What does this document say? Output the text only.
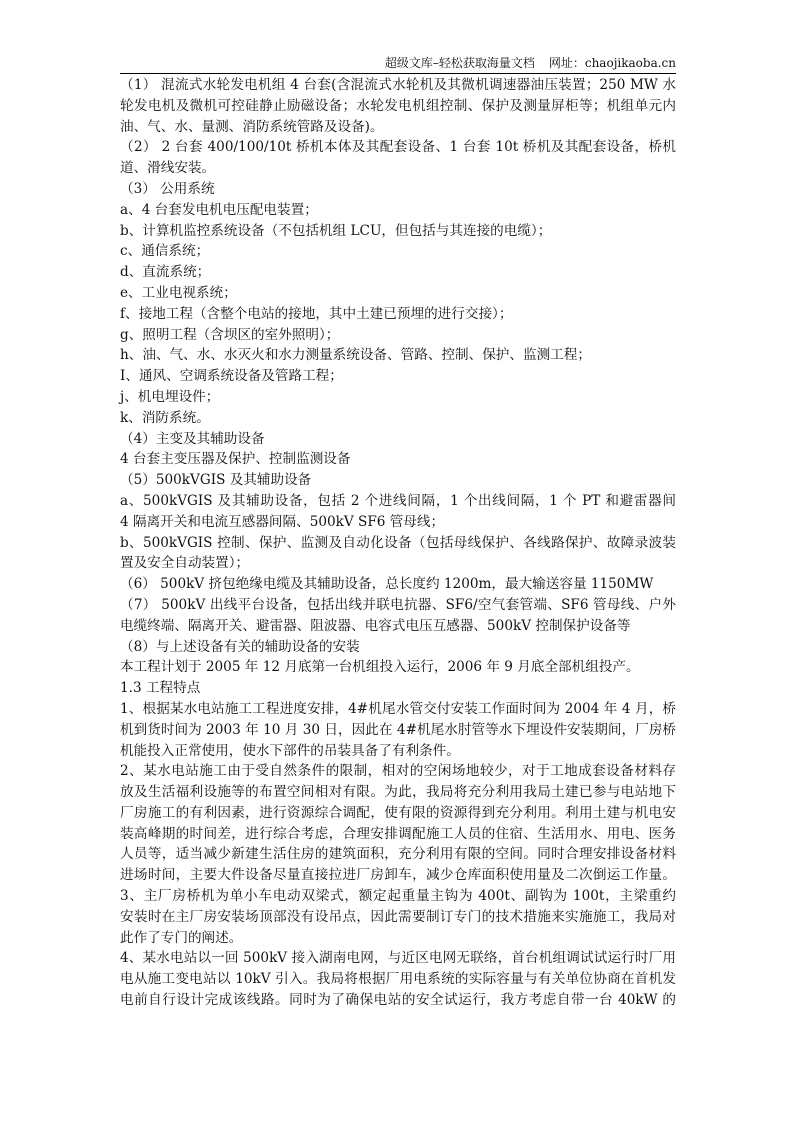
超级文库–轻松获取海量文档 网址：chaojikaoba.cn
（1） 混流式水轮发电机组 4 台套(含混流式水轮机及其微机调速器油压装置；250 MW 水
轮发电机及微机可控硅静止励磁设备；水轮发电机组控制、保护及测量屏柜等；机组单元内
油、气、水、量测、消防系统管路及设备)。
（2） 2 台套 400/100/10t 桥机本体及其配套设备、1 台套 10t 桥机及其配套设备，桥机
道、滑线安装。
（3） 公用系统
a、4 台套发电机电压配电装置；
b、计算机监控系统设备（不包括机组 LCU，但包括与其连接的电缆）；
c、通信系统；
d、直流系统；
e、工业电视系统；
f、接地工程（含整个电站的接地，其中土建已预埋的进行交接）；
g、照明工程（含坝区的室外照明）；
h、油、气、水、水灭火和水力测量系统设备、管路、控制、保护、监测工程；
I、通风、空调系统设备及管路工程；
j、机电埋设件；
k、消防系统。
（4）主变及其辅助设备
4 台套主变压器及保护、控制监测设备
（5）500kVGIS 及其辅助设备
a、500kVGIS 及其辅助设备，包括 2 个进线间隔，1 个出线间隔，1 个 PT 和避雷器间
4 隔离开关和电流互感器间隔、500kV SF6 管母线；
b、500kVGIS 控制、保护、监测及自动化设备（包括母线保护、各线路保护、故障录波装
置及安全自动装置）；
（6） 500kV 挤包绝缘电缆及其辅助设备，总长度约 1200m，最大输送容量 1150MW
（7） 500kV 出线平台设备，包括出线并联电抗器、SF6/空气套管端、SF6 管母线、户外
电缆终端、隔离开关、避雷器、阻波器、电容式电压互感器、500kV 控制保护设备等
（8）与上述设备有关的辅助设备的安装
本工程计划于 2005 年 12 月底第一台机组投入运行，2006 年 9 月底全部机组投产。
1.3 工程特点
1、根据某水电站施工工程进度安排，4#机尾水管交付安装工作面时间为 2004 年 4 月，桥
机到货时间为 2003 年 10 月 30 日，因此在 4#机尾水肘管等水下埋设件安装期间，厂房桥
机能投入正常使用，使水下部件的吊装具备了有利条件。
2、某水电站施工由于受自然条件的限制，相对的空闲场地较少，对于工地成套设备材料存
放及生活福利设施等的布置空间相对有限。为此，我局将充分利用我局土建已参与电站地下
厂房施工的有利因素，进行资源综合调配，使有限的资源得到充分利用。利用土建与机电安
装高峰期的时间差，进行综合考虑，合理安排调配施工人员的住宿、生活用水、用电、医务
人员等，适当减少新建生活住房的建筑面积，充分利用有限的空间。同时合理安排设备材料
进场时间，主要大件设备尽量直接拉进厂房卸车，减少仓库面积使用量及二次倒运工作量。
3、主厂房桥机为单小车电动双梁式，额定起重量主钩为 400t、副钩为 100t，主梁重约
安装时在主厂房安装场顶部没有设吊点，因此需要制订专门的技术措施来实施施工，我局对
此作了专门的阐述。
4、某水电站以一回 500kV 接入湖南电网，与近区电网无联络，首台机组调试试运行时厂用
电从施工变电站以 10kV 引入。我局将根据厂用电系统的实际容量与有关单位协商在首机发
电前自行设计完成该线路。同时为了确保电站的安全试运行，我方考虑自带一台 40kW 的
